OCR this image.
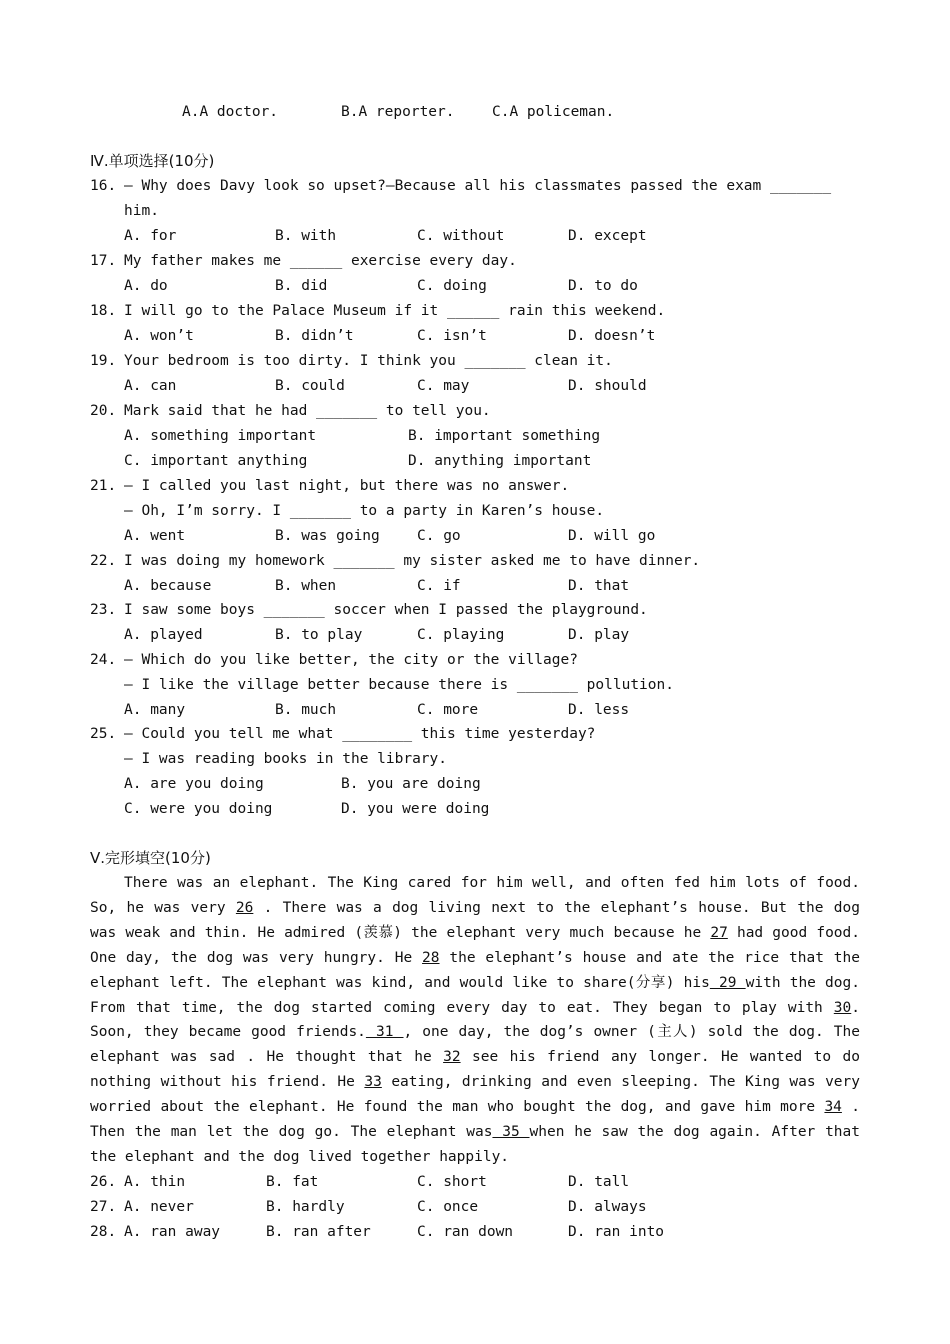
A.A doctor.	B.A reporter.	C.A policeman.
Ⅳ.单项选择(10分)
16. — Why does Davy look so upset?—Because all his classmates passed the exam _______
him.
A. for	B. with	C. without	D. except
17. My father makes me ______ exercise every day.
A. do	B. did	C. doing	D. to do
18. I will go to the Palace Museum if it ______ rain this weekend.
A. won’t	B. didn’t	C. isn’t	D. doesn’t
19. Your bedroom is too dirty. I think you _______ clean it.
A. can	B. could	C. may	D. should
20. Mark said that he had _______ to tell you.
A. something important	B. important something
C. important anything	D. anything important
21. — I called you last night, but there was no answer.
— Oh, I’m sorry. I _______ to a party in Karen’s house.
A. went	B. was going	C. go	D. will go
22. I was doing my homework _______ my sister asked me to have dinner.
A. because	B. when	C. if	D. that
23. I saw some boys _______ soccer when I passed the playground.
A. played	B. to play	C. playing	D. play
24. — Which do you like better, the city or the village?
— I like the village better because there is _______ pollution.
A. many	B. much	C. more	D. less
25. — Could you tell me what ________ this time yesterday?
— I was reading books in the library.
A. are you doing	B. you are doing
C. were you doing	D. you were doing
Ⅴ.完形填空(10分)

There was an elephant. The King cared for him well, and often fed him lots of food. So, he was very 26 . There was a dog living next to the elephant’s house. But the dog was weak and thin. He admired (羡慕) the elephant very much because he 27 had good food. One day, the dog was very hungry. He 28 the elephant’s house and ate the rice that the elephant left. The elephant was kind, and would like to share(分享) his 29 with the dog. From that time, the dog started coming every day to eat. They began to play with 30. Soon, they became good friends. 31 , one day, the dog’s owner (主人) sold the dog. The elephant was sad . He thought that he 32 see his friend any longer. He wanted to do nothing without his friend. He 33 eating, drinking and even sleeping. The King was very worried about the elephant. He found the man who bought the dog, and gave him more 34 . Then the man let the dog go. The elephant was 35 when he saw the dog again. After that the elephant and the dog lived together happily.

26. A. thin	B. fat	C. short	D. tall
27. A. never	B. hardly	C. once	D. always
28. A. ran away	B. ran after	C. ran down	D. ran into
